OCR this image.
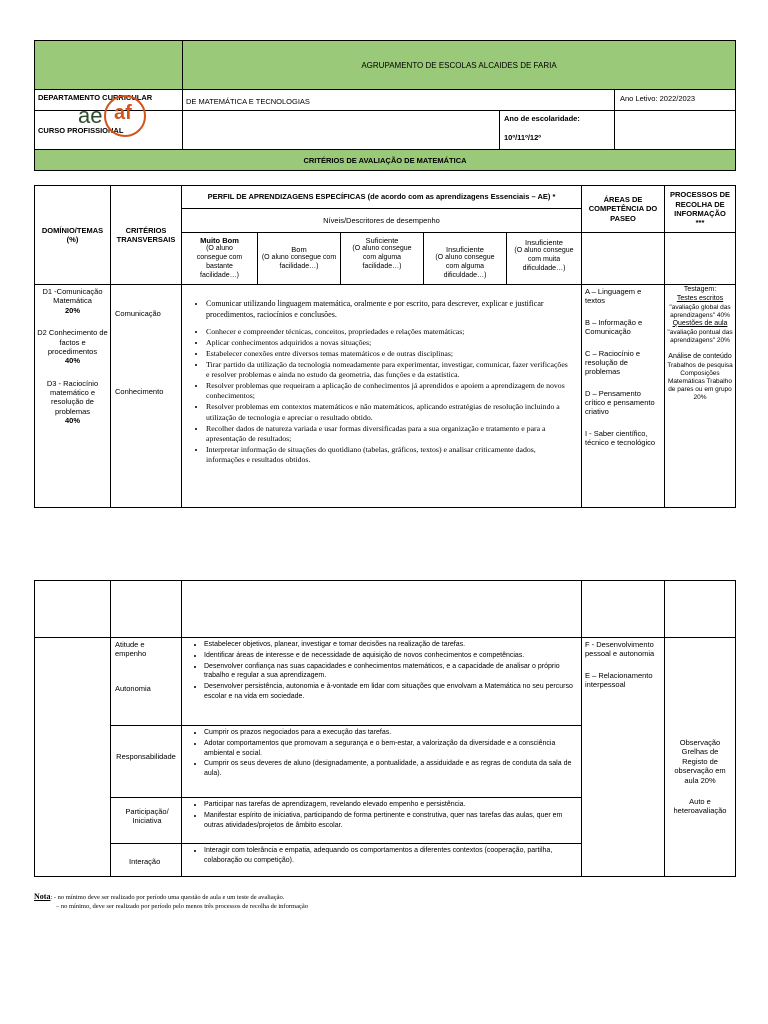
AGRUPAMENTO DE ESCOLAS ALCAIDES DE FARIA
DEPARTAMENTO CURRICULAR	DE MATEMÁTICA E TECNOLOGIAS	Ano Letivo: 2022/2023
CURSO PROFISSIONAL
Ano de escolaridade:
10º/11º/12º
CRITÉRIOS DE AVALIAÇÃO DE MATEMÁTICA
ae af
DOMÍNIO/TEMAS (%)
CRITÉRIOS TRANSVERSAIS
PERFIL DE APRENDIZAGENS ESPECÍFICAS (de acordo com as aprendizagens Essenciais – AE) *
Níveis/Descritores de desempenho
Muito Bom
(O aluno consegue com bastante facilidade…)
Bom
(O aluno consegue com facilidade…)
Suficiente
(O aluno consegue com alguma facilidade…)
Insuficiente
(O aluno consegue com alguma dificuldade…)
Insuficiente
(O aluno consegue com muita dificuldade…)
ÁREAS DE COMPETÊNCIA DO PASEO
PROCESSOS DE RECOLHA DE INFORMAÇÃO ***
D1 -Comunicação Matemática
20%
D2 Conhecimento de factos e procedimentos
40%
D3 - Raciocínio matemático e resolução de problemas
40%
Comunicação
Conhecimento
• Comunicar utilizando linguagem matemática, oralmente e por escrito, para descrever, explicar e justificar procedimentos, raciocínios e conclusões.
• Conhecer e compreender técnicas, conceitos, propriedades e relações matemáticas;
• Aplicar conhecimentos adquiridos a novas situações;
• Estabelecer conexões entre diversos temas matemáticos e de outras disciplinas;
• Tirar partido da utilização da tecnologia nomeadamente para experimentar, investigar, comunicar, fazer verificações e resolver problemas e ainda no estudo da geometria, das funções e da estatística.
• Resolver problemas que requeiram a aplicação de conhecimentos já aprendidos e apoiem a aprendizagem de novos conhecimentos;
• Resolver problemas em contextos matemáticos e não matemáticos, aplicando estratégias de resolução incluindo a utilização de tecnologia e apreciar o resultado obtido.
• Recolher dados de natureza variada e usar formas diversificadas para a sua organização e tratamento e para a apresentação de resultados;
• Interpretar informação de situações do quotidiano (tabelas, gráficos, textos) e analisar criticamente dados, informações e resultados obtidos.
A – Linguagem e textos
B – Informação e Comunicação
C – Raciocínio e resolução de problemas
D – Pensamento crítico e pensamento criativo
I - Saber científico, técnico e tecnológico
Testagem:
Testes escritos
"avaliação global das aprendizagens" 40%
Questões de aula
"avaliação pontual das aprendizagens" 20%
Análise de conteúdo
Trabalhos de pesquisa Composições Matemáticas Trabalho de pares ou em grupo 20%
Atitude e empenho
Autonomia
Responsabilidade
Participação/ Iniciativa
Interação
• Estabelecer objetivos, planear, investigar e tomar decisões na realização de tarefas.
• Identificar áreas de interesse e de necessidade de aquisição de novos conhecimentos e competências.
• Desenvolver confiança nas suas capacidades e conhecimentos matemáticos, e a capacidade de analisar o próprio trabalho e regular a sua aprendizagem.
• Desenvolver persistência, autonomia e à-vontade em lidar com situações que envolvam a Matemática no seu percurso escolar e na vida em sociedade.
• Cumprir os prazos negociados para a execução das tarefas.
• Adotar comportamentos que promovam a segurança e o bem-estar, a valorização da diversidade e a consciência ambiental e social.
• Cumprir os seus deveres de aluno (designadamente, a pontualidade, a assiduidade e as regras de conduta da sala de aula).
• Participar nas tarefas de aprendizagem, revelando elevado empenho e persistência.
• Manifestar espírito de iniciativa, participando de forma pertinente e construtiva, quer nas tarefas das aulas, quer em outras atividades/projetos de âmbito escolar.
• Interagir com tolerância e empatia, adequando os comportamentos a diferentes contextos (cooperação, partilha, colaboração ou competição).
F - Desenvolvimento pessoal e autonomia
E – Relacionamento interpessoal
Observação Grelhas de Registo de observação em aula 20%
Auto e heteroavaliação
Nota: - no mínimo deve ser realizado por período uma questão de aula e um teste de avaliação.
– no mínimo, deve ser realizado por período pelo menos três processos de recolha de informação
